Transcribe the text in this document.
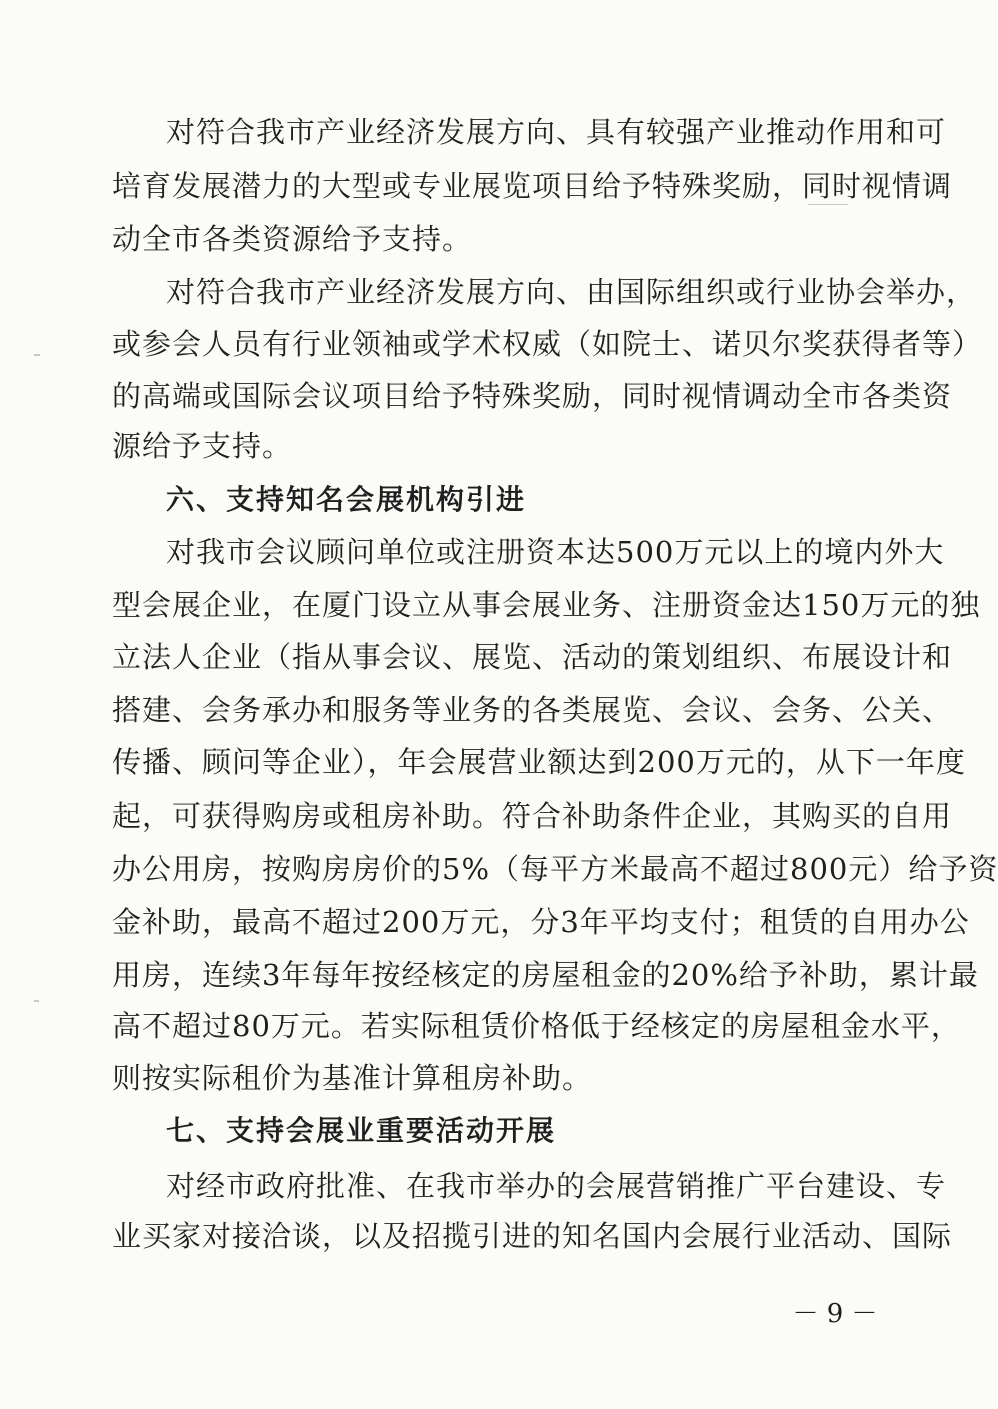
对符合我市产业经济发展方向、具有较强产业推动作用和可
培育发展潜力的大型或专业展览项目给予特殊奖励，同时视情调
动全市各类资源给予支持。
对符合我市产业经济发展方向、由国际组织或行业协会举办，
或参会人员有行业领袖或学术权威（如院士、诺贝尔奖获得者等）
的高端或国际会议项目给予特殊奖励，同时视情调动全市各类资
源给予支持。
六、支持知名会展机构引进
对我市会议顾问单位或注册资本达500万元以上的境内外大
型会展企业，在厦门设立从事会展业务、注册资金达150万元的独
立法人企业（指从事会议、展览、活动的策划组织、布展设计和
搭建、会务承办和服务等业务的各类展览、会议、会务、公关、
传播、顾问等企业），年会展营业额达到200万元的，从下一年度
起，可获得购房或租房补助。符合补助条件企业，其购买的自用
办公用房，按购房房价的5%（每平方米最高不超过800元）给予资
金补助，最高不超过200万元，分3年平均支付；租赁的自用办公
用房，连续3年每年按经核定的房屋租金的20%给予补助，累计最
高不超过80万元。若实际租赁价格低于经核定的房屋租金水平，
则按实际租价为基准计算租房补助。
七、支持会展业重要活动开展
对经市政府批准、在我市举办的会展营销推广平台建设、专
业买家对接洽谈，以及招揽引进的知名国内会展行业活动、国际
－ 9 －
